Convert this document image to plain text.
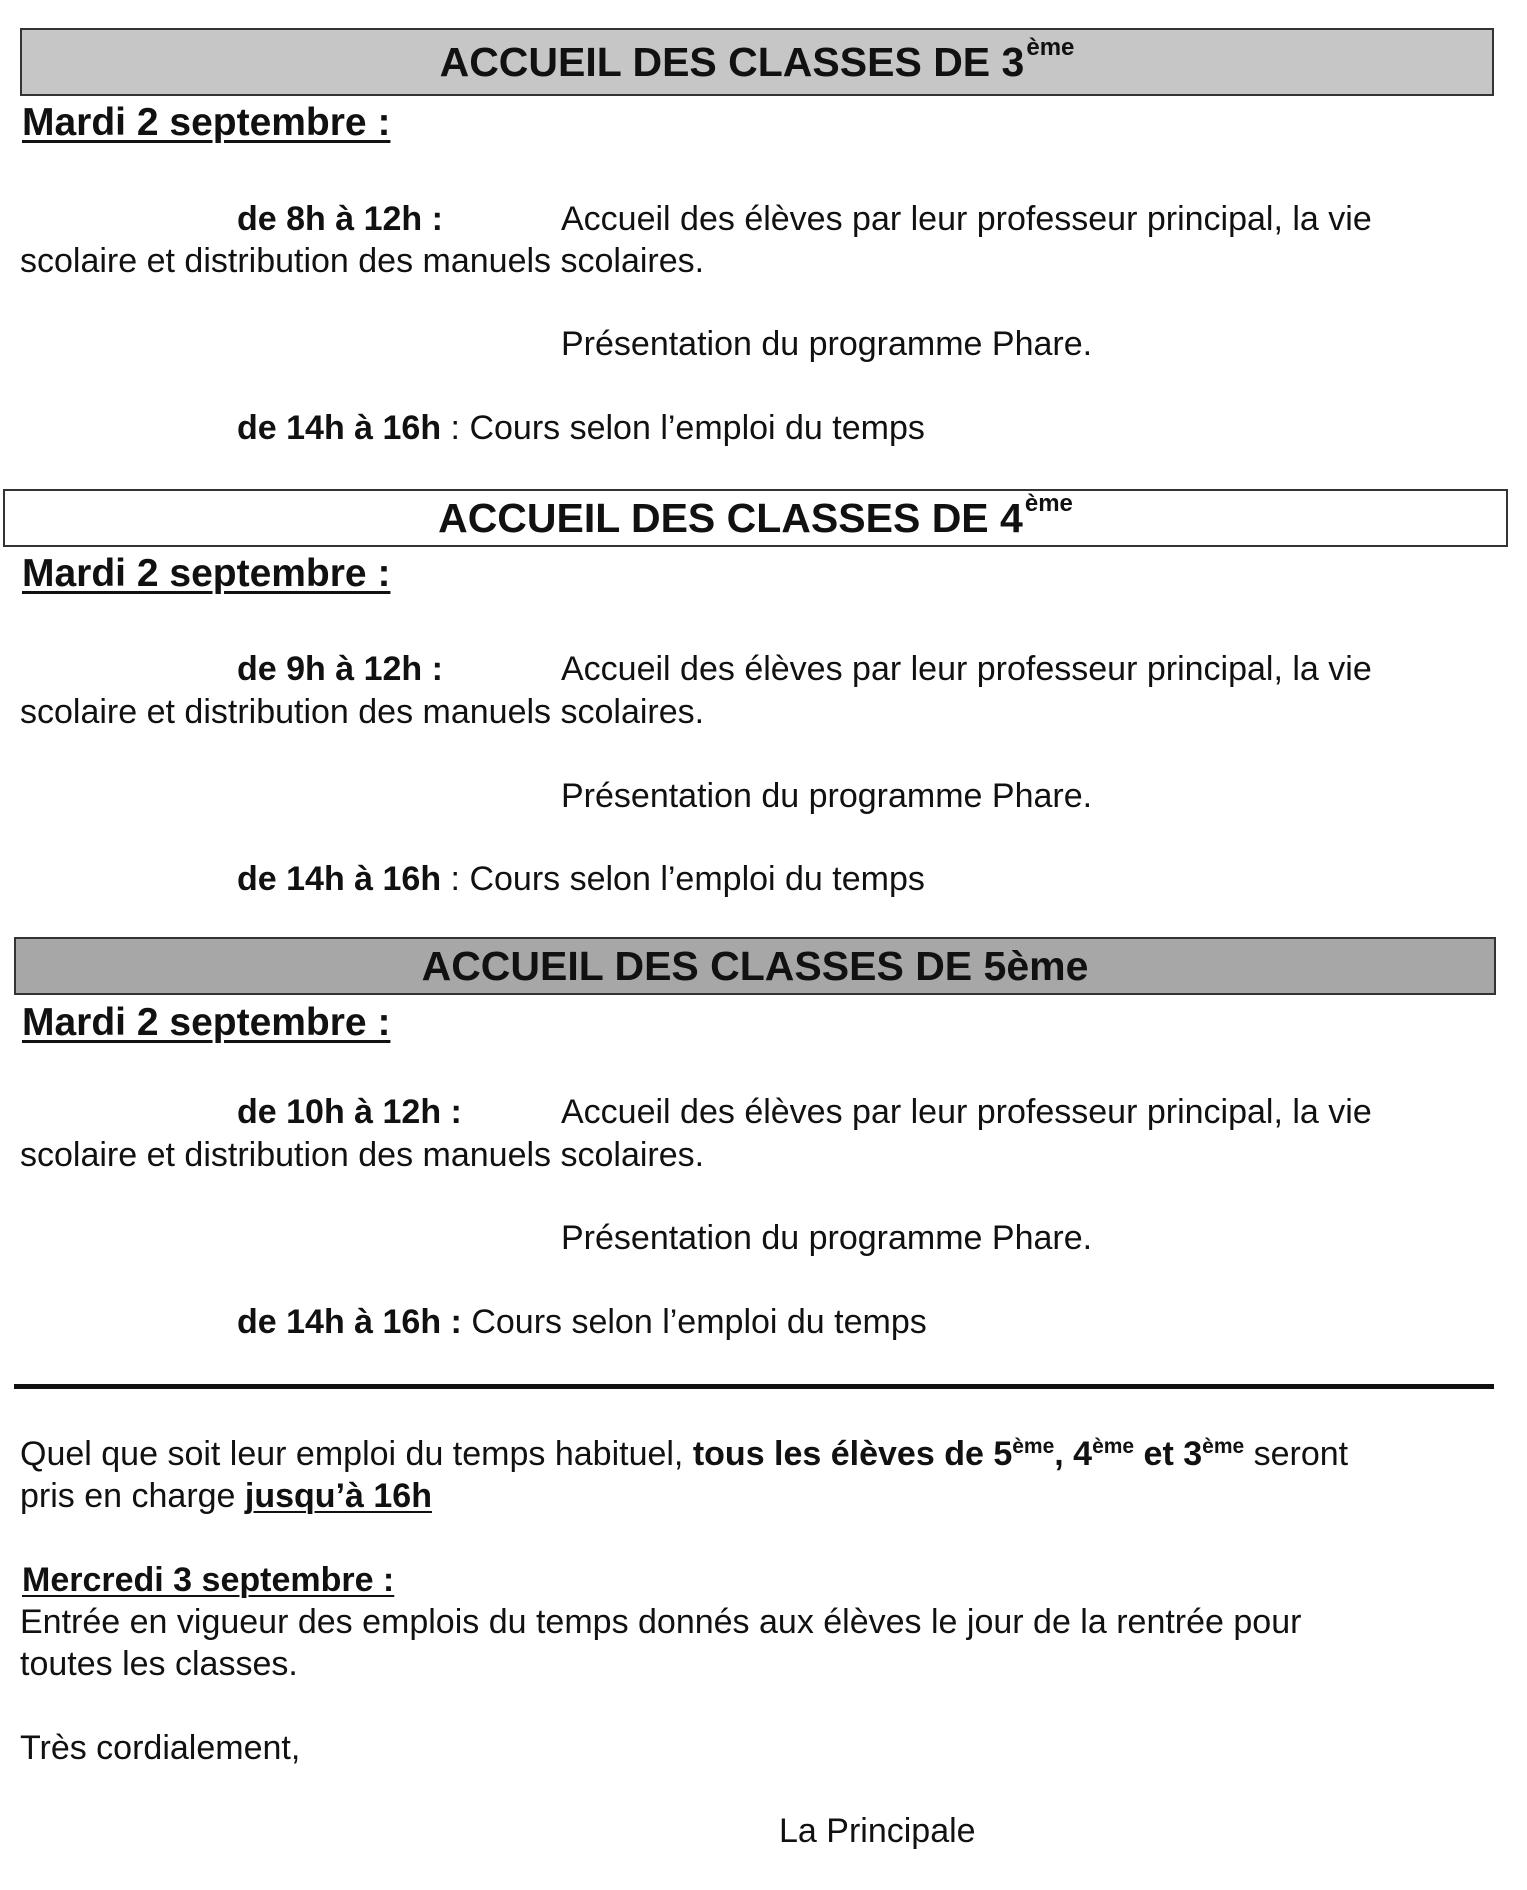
ACCUEIL DES CLASSES DE 3ème
Mardi 2 septembre :
de 8h à 12h :	Accueil des élèves par leur professeur principal, la vie
scolaire et distribution des manuels scolaires.
Présentation du programme Phare.
de 14h à 16h : Cours selon l’emploi du temps
ACCUEIL DES CLASSES DE 4ème
Mardi 2 septembre :
de 9h à 12h :	Accueil des élèves par leur professeur principal, la vie
scolaire et distribution des manuels scolaires.
Présentation du programme Phare.
de 14h à 16h : Cours selon l’emploi du temps
ACCUEIL DES CLASSES DE 5ème
Mardi 2 septembre :
de 10h à 12h :	Accueil des élèves par leur professeur principal, la vie
scolaire et distribution des manuels scolaires.
Présentation du programme Phare.
de 14h à 16h : Cours selon l’emploi du temps
Quel que soit leur emploi du temps habituel, tous les élèves de 5ème, 4ème et 3ème seront
pris en charge jusqu’à 16h
Mercredi 3 septembre :
Entrée en vigueur des emplois du temps donnés aux élèves le jour de la rentrée pour
toutes les classes.
Très cordialement,
La Principale
